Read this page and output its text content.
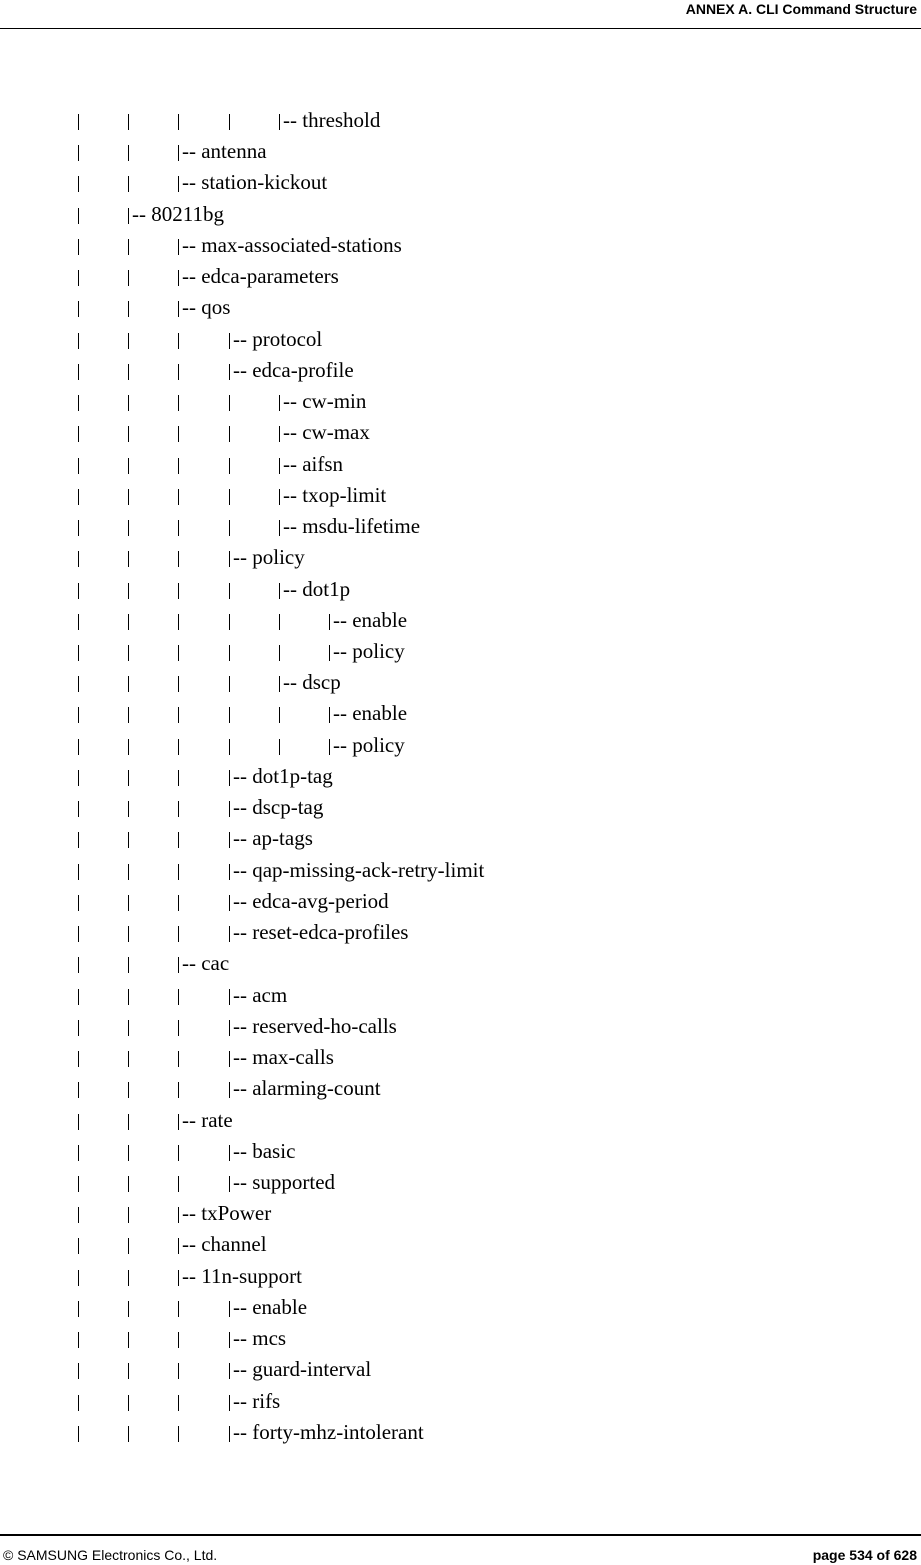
ANNEX A. CLI Command Structure
-- threshold
-- antenna
-- station-kickout
-- 80211bg
-- max-associated-stations
-- edca-parameters
-- qos
-- protocol
-- edca-profile
-- cw-min
-- cw-max
-- aifsn
-- txop-limit
-- msdu-lifetime
-- policy
-- dot1p
-- enable
-- policy
-- dscp
-- enable
-- policy
-- dot1p-tag
-- dscp-tag
-- ap-tags
-- qap-missing-ack-retry-limit
-- edca-avg-period
-- reset-edca-profiles
-- cac
-- acm
-- reserved-ho-calls
-- max-calls
-- alarming-count
-- rate
-- basic
-- supported
-- txPower
-- channel
-- 11n-support
-- enable
-- mcs
-- guard-interval
-- rifs
-- forty-mhz-intolerant
© SAMSUNG Electronics Co., Ltd.	page 534 of 628
